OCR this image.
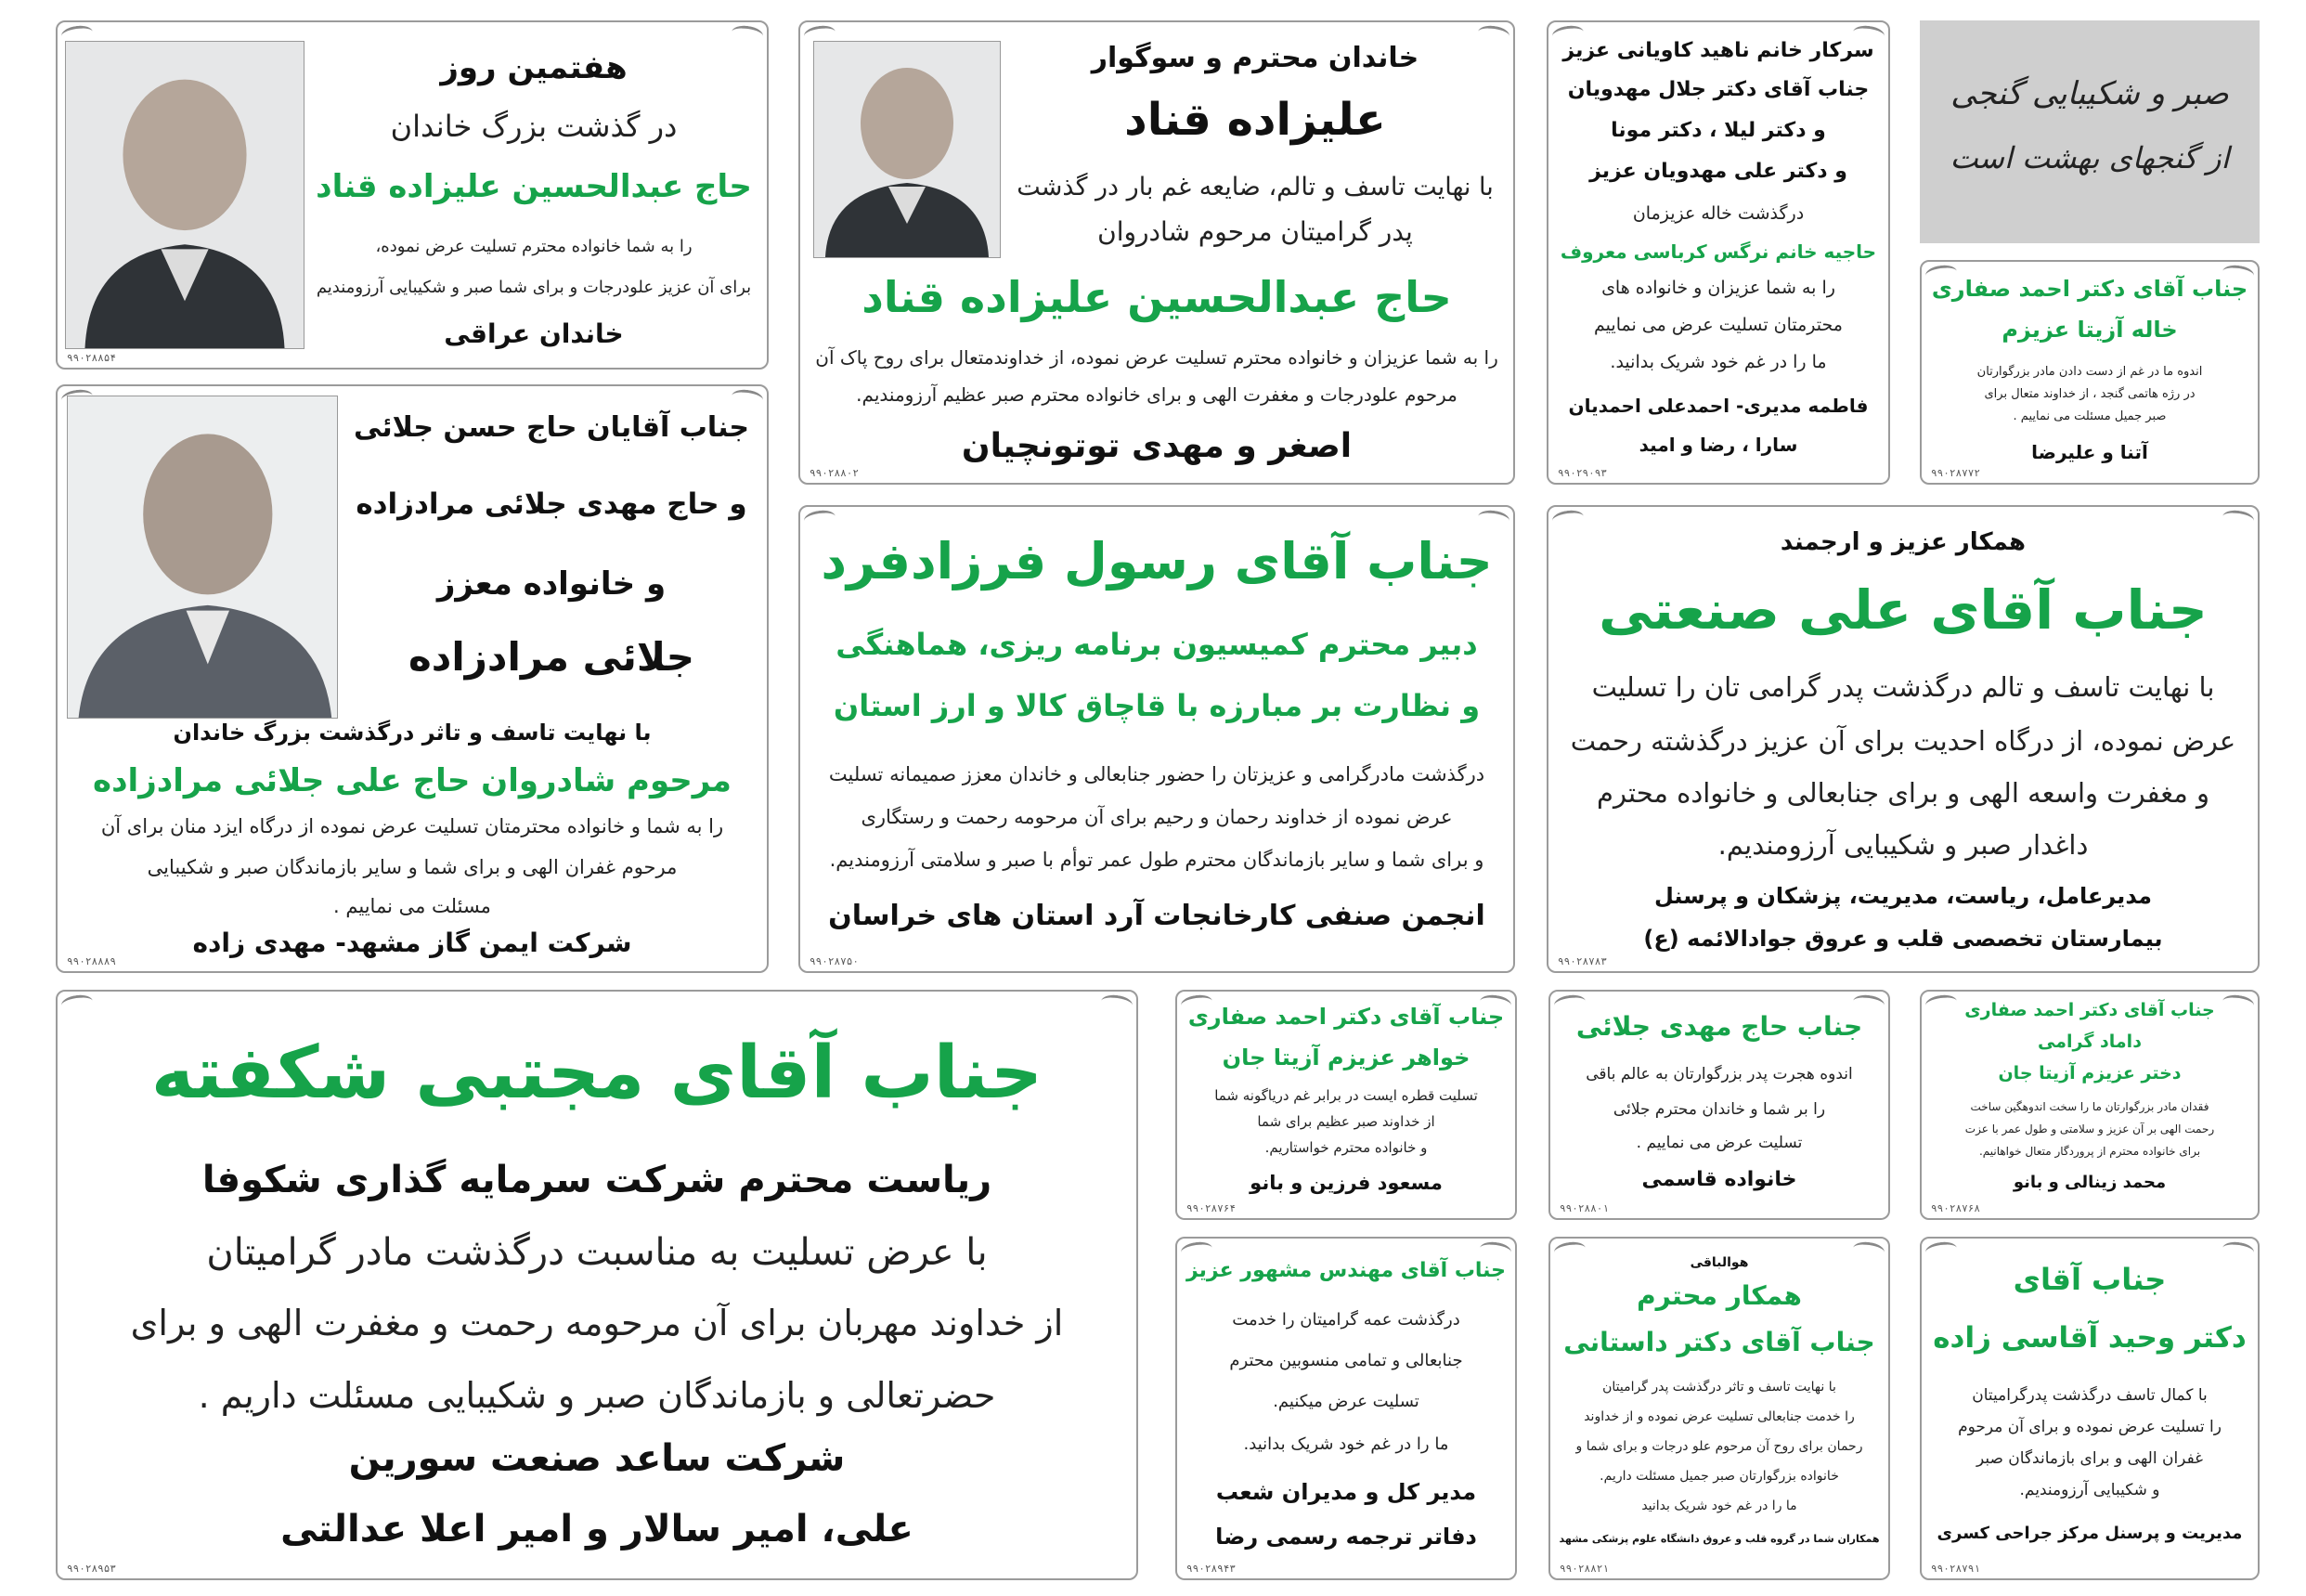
هفتمین روز
در گذشت بزرگ خاندان
حاج عبدالحسین علیزاده قناد
را به شما خانواده محترم تسلیت عرض نموده،
برای آن عزیز علودرجات و برای شما صبر و شکیبایی آرزومندیم
خاندان عراقی
۹۹۰۲۸۸۵۴
خاندان محترم و سوگوار
علیزاده قناد
با نهایت تاسف و تالم، ضایعه غم بار در گذشت
پدر گرامیتان مرحوم شادروان
حاج عبدالحسین علیزاده قناد
را به شما عزیزان و خانواده محترم تسلیت عرض نموده، از خداوندمتعال برای روح پاک آن
مرحوم علودرجات و مغفرت الهی و برای خانواده محترم صبر عظیم آرزومندیم.
اصغر و مهدی توتونچیان
۹۹۰۲۸۸۰۲
سرکار خانم ناهید کاویانی عزیز
جناب آقای دکتر جلال مهدویان
و دکتر لیلا ، دکتر مونا
و دکتر علی مهدویان عزیز
درگذشت خاله عزیزمان
حاجیه خانم نرگس کرباسی معروف
را به شما عزیزان و خانواده های
محترمتان تسلیت عرض می نماییم
ما را در غم خود شریک بدانید.
فاطمه مدیری- احمدعلی احمدیان
سارا ، رضا و امید
۹۹۰۲۹۰۹۳
صبر و شکیبایی گنجی
از گنجهای بهشت است
جناب آقای دکتر احمد صفاری
خاله آزیتا عزیزم
اندوه ما در غم از دست دادن مادر بزرگوارتان
در رژه هاتمی گنجد ، از خداوند متعال برای
صبر جمیل مسئلت می نماییم .
آتنا و علیرضا
۹۹۰۲۸۷۷۲
جناب آقایان حاج حسن جلائی
و حاج مهدی جلائی مرادزاده
و خانواده معزز
جلائی مرادزاده
با نهایت تاسف و تاثر درگذشت بزرگ خاندان
مرحوم شادروان حاج علی جلائی مرادزاده
را به شما و خانواده محترمتان تسلیت عرض نموده از درگاه ایزد منان برای آن
مرحوم غفران الهی و برای شما و سایر بازماندگان صبر و شکیبایی
مسئلت می نماییم .
شرکت ایمن گاز مشهد- مهدی زاده
۹۹۰۲۸۸۸۹
جناب آقای رسول فرزادفرد
دبیر محترم کمیسیون برنامه ریزی، هماهنگی
و نظارت بر مبارزه با قاچاق کالا و ارز استان
درگذشت مادرگرامی و عزیزتان را حضور جنابعالی و خاندان معزز صمیمانه تسلیت
عرض نموده از خداوند رحمان و رحیم برای آن مرحومه رحمت و رستگاری
و برای شما و سایر بازماندگان محترم طول عمر توأم با صبر و سلامتی آرزومندیم.
انجمن صنفی کارخانجات آرد استان های خراسان
۹۹۰۲۸۷۵۰
همکار عزیز و ارجمند
جناب آقای علی صنعتی
با نهایت تاسف و تالم درگذشت پدر گرامی تان را تسلیت
عرض نموده، از درگاه احدیت برای آن عزیز درگذشته رحمت
و مغفرت واسعه الهی و برای جنابعالی و خانواده محترم
داغدار صبر و شکیبایی آرزومندیم.
مدیرعامل، ریاست، مدیریت، پزشکان و پرسنل
بیمارستان تخصصی قلب و عروق جوادالائمه (ع)
۹۹۰۲۸۷۸۳
جناب آقای مجتبی شکفته
ریاست محترم شرکت سرمایه گذاری شکوفا
با عرض تسلیت به مناسبت درگذشت مادر گرامیتان
از خداوند مهربان برای آن مرحومه رحمت و مغفرت الهی و برای
حضرتعالی و بازماندگان صبر و شکیبایی مسئلت داریم .
شرکت ساعد صنعت سورین
علی، امیر سالار و امیر اعلا عدالتی
۹۹۰۲۸۹۵۳
جناب آقای دکتر احمد صفاری
خواهر عزیزم آزیتا جان
تسلیت قطره ایست در برابر غم دریاگونه شما
از خداوند صبر عظیم برای شما
و خانواده محترم خواستاریم.
مسعود فرزین و بانو
۹۹۰۲۸۷۶۴
جناب حاج مهدی جلائی
اندوه هجرت پدر بزرگوارتان به عالم باقی
را بر شما و خاندان محترم جلائی
تسلیت عرض می نماییم .
خانواده قاسمی
۹۹۰۲۸۸۰۱
جناب آقای دکتر احمد صفاری
داماد گرامی
دختر عزیزم آزیتا جان
فقدان مادر بزرگوارتان ما را سخت اندوهگین ساخت
رحمت الهی بر آن عزیز و سلامتی و طول عمر با عزت
برای خانواده محترم از پروردگار متعال خواهانیم.
محمد زینالی و بانو
۹۹۰۲۸۷۶۸
جناب آقای مهندس مشهور عزیز
درگذشت عمه گرامیتان را خدمت
جنابعالی و تمامی منسوبین محترم
تسلیت عرض میکنیم.
ما را در غم خود شریک بدانید.
مدیر کل و مدیران شعب
دفاتر ترجمه رسمی رضا
۹۹۰۲۸۹۴۳
هوالباقی
همکار محترم
جناب آقای دکتر داستانی
با نهایت تاسف و تاثر درگذشت پدر گرامیتان
را خدمت جنابعالی تسلیت عرض نموده و از خداوند
رحمان برای روح آن مرحوم علو درجات و برای شما و
خانواده بزرگوارتان صبر جمیل مسئلت داریم.
ما را در غم خود شریک بدانید
همکاران شما در گروه قلب و عروق دانشگاه علوم پزشکی مشهد
۹۹۰۲۸۸۲۱
جناب آقای
دکتر وحید آقاسی زاده
با کمال تاسف درگذشت پدرگرامیتان
را تسلیت عرض نموده و برای آن مرحوم
غفران الهی و برای بازماندگان صبر
و شکیبایی آرزومندیم.
مدیریت و پرسنل مرکز جراحی کسری
۹۹۰۲۸۷۹۱
